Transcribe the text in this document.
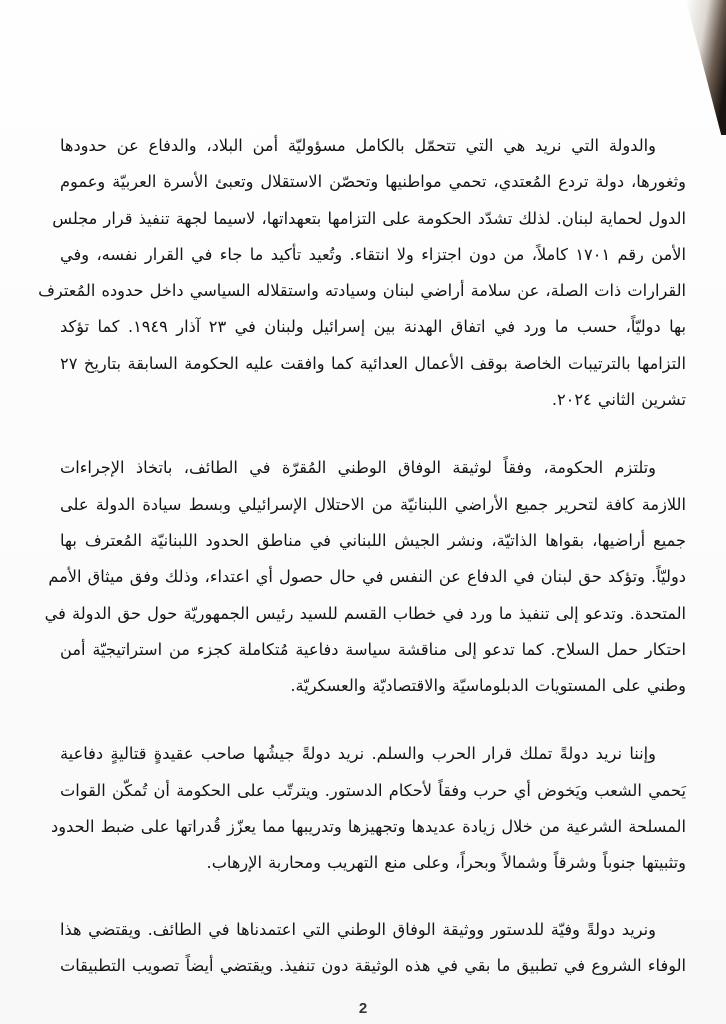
والدولة التي نريد هي التي تتحمّل بالكامل مسؤوليّة أمن البلاد، والدفاع عن حدودها
وثغورها، دولة تردع المُعتدي، تحمي مواطنيها وتحصّن الاستقلال وتعبئ الأسرة العربيّة وعموم
الدول لحماية لبنان. لذلك تشدّد الحكومة على التزامها بتعهداتها، لاسيما لجهة تنفيذ قرار مجلس
الأمن رقم ١٧٠١ كاملاً، من دون اجتزاء ولا انتقاء. وتُعيد تأكيد ما جاء في القرار نفسه، وفي
القرارات ذات الصلة، عن سلامة أراضي لبنان وسيادته واستقلاله السياسي داخل حدوده المُعترف
بها دوليّاً، حسب ما ورد في اتفاق الهدنة بين إسرائيل ولبنان في ٢٣ آذار ١٩٤٩. كما تؤكد
التزامها بالترتيبات الخاصة بوقف الأعمال العدائية كما وافقت عليه الحكومة السابقة بتاريخ ٢٧
تشرين الثاني ٢٠٢٤.

وتلتزم الحكومة، وفقاً لوثيقة الوفاق الوطني المُقرّة في الطائف، باتخاذ الإجراءات
اللازمة كافة لتحرير جميع الأراضي اللبنانيّة من الاحتلال الإسرائيلي وبسط سيادة الدولة على
جميع أراضيها، بقواها الذاتيّة، ونشر الجيش اللبناني في مناطق الحدود اللبنانيّة المُعترف بها
دوليّاً. وتؤكد حق لبنان في الدفاع عن النفس في حال حصول أي اعتداء، وذلك وفق ميثاق الأمم
المتحدة. وتدعو إلى تنفيذ ما ورد في خطاب القسم للسيد رئيس الجمهوريّة حول حق الدولة في
احتكار حمل السلاح. كما تدعو إلى مناقشة سياسة دفاعية مُتكاملة كجزء من استراتيجيّة أمن
وطني على المستويات الدبلوماسيّة والاقتصاديّة والعسكريّة.

وإننا نريد دولةً تملك قرار الحرب والسلم. نريد دولةً جيشُها صاحب عقيدةٍ قتاليةٍ دفاعية
يَحمي الشعب ويَخوض أي حرب وفقاً لأحكام الدستور. ويترتّب على الحكومة أن تُمكّن القوات
المسلحة الشرعية من خلال زيادة عديدها وتجهيزها وتدريبها مما يعزّز قُدراتها على ضبط الحدود
وتثبيتها جنوباً وشرقاً وشمالاً وبحراً، وعلى منع التهريب ومحاربة الإرهاب.

ونريد دولةً وفيّة للدستور ووثيقة الوفاق الوطني التي اعتمدناها في الطائف. ويقتضي هذا
الوفاء الشروع في تطبيق ما بقي في هذه الوثيقة دون تنفيذ. ويقتضي أيضاً تصويب التطبيقات

2
